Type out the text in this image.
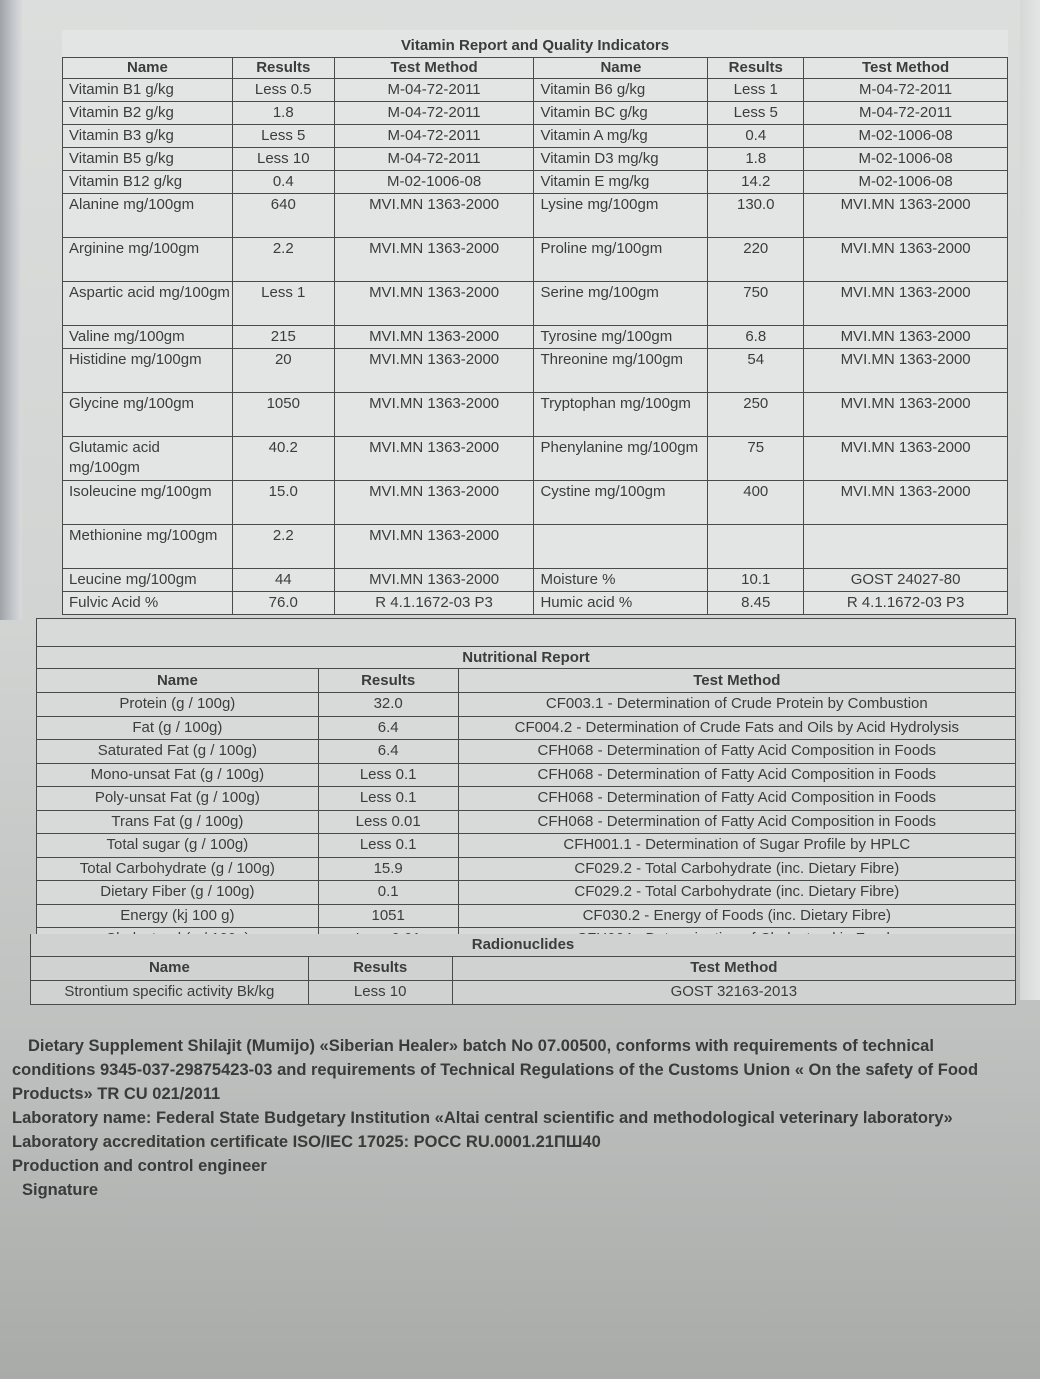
Vitamin Report and Quality Indicators					
Name	Results	Test Method	Name	Results	Test Method
Vitamin B1 g/kg	Less 0.5	M-04-72-2011	Vitamin B6 g/kg	Less 1	M-04-72-2011
Vitamin B2 g/kg	1.8	M-04-72-2011	Vitamin BC g/kg	Less 5	M-04-72-2011
Vitamin B3 g/kg	Less 5	M-04-72-2011	Vitamin A mg/kg	0.4	M-02-1006-08
Vitamin B5 g/kg	Less 10	M-04-72-2011	Vitamin D3 mg/kg	1.8	M-02-1006-08
Vitamin B12 g/kg	0.4	M-02-1006-08	Vitamin E mg/kg	14.2	M-02-1006-08
Alanine mg/100gm	640	MVI.MN 1363-2000	Lysine mg/100gm	130.0	MVI.MN 1363-2000
Arginine mg/100gm	2.2	MVI.MN 1363-2000	Proline mg/100gm	220	MVI.MN 1363-2000
Aspartic acid mg/100gm	Less 1	MVI.MN 1363-2000	Serine mg/100gm	750	MVI.MN 1363-2000
Valine mg/100gm	215	MVI.MN 1363-2000	Tyrosine mg/100gm	6.8	MVI.MN 1363-2000
Histidine mg/100gm	20	MVI.MN 1363-2000	Threonine mg/100gm	54	MVI.MN 1363-2000
Glycine mg/100gm	1050	MVI.MN 1363-2000	Tryptophan mg/100gm	250	MVI.MN 1363-2000
Glutamic acid mg/100gm	40.2	MVI.MN 1363-2000	Phenylanine mg/100gm	75	MVI.MN 1363-2000
Isoleucine mg/100gm	15.0	MVI.MN 1363-2000	Cystine mg/100gm	400	MVI.MN 1363-2000
Methionine mg/100gm	2.2	MVI.MN 1363-2000			
Leucine mg/100gm	44	MVI.MN 1363-2000	Moisture %	10.1	GOST 24027-80
Fulvic Acid %	76.0	R 4.1.1672-03 P3	Humic acid %	8.45	R 4.1.1672-03 P3

Nutritional Report		
Name	Results	Test Method
Protein (g / 100g)	32.0	CF003.1 - Determination of Crude Protein by Combustion
Fat (g / 100g)	6.4	CF004.2 - Determination of Crude Fats and Oils by Acid Hydrolysis
Saturated Fat (g / 100g)	6.4	CFH068 - Determination of Fatty Acid Composition in Foods
Mono-unsat Fat (g / 100g)	Less 0.1	CFH068 - Determination of Fatty Acid Composition in Foods
Poly-unsat Fat (g / 100g)	Less 0.1	CFH068 - Determination of Fatty Acid Composition in Foods
Trans Fat (g / 100g)	Less 0.01	CFH068 - Determination of Fatty Acid Composition in Foods
Total sugar (g / 100g)	Less 0.1	CFH001.1 - Determination of Sugar Profile by HPLC
Total Carbohydrate (g / 100g)	15.9	CF029.2 - Total Carbohydrate (inc. Dietary Fibre)
Dietary Fiber (g / 100g)	0.1	CF029.2 - Total Carbohydrate (inc. Dietary Fibre)
Energy (kj 100 g)	1051	CF030.2 - Energy of Foods (inc. Dietary Fibre)

Radionuclides		
Name	Results	Test Method
Strontium specific activity Bk/kg	Less 10	GOST 32163-2013

Dietary Supplement Shilajit (Mumijo) «Siberian Healer» batch No 07.00500, conforms with requirements of technical

conditions 9345-037-29875423-03 and requirements of Technical Regulations of the Customs Union « On the safety of Food

Products» TR CU 021/2011

Laboratory name: Federal State Budgetary Institution «Altai central scientific and methodological veterinary laboratory»

Laboratory accreditation certificate ISO/IEC 17025: POCC RU.0001.21ПШ40

Production and control engineer

Signature
